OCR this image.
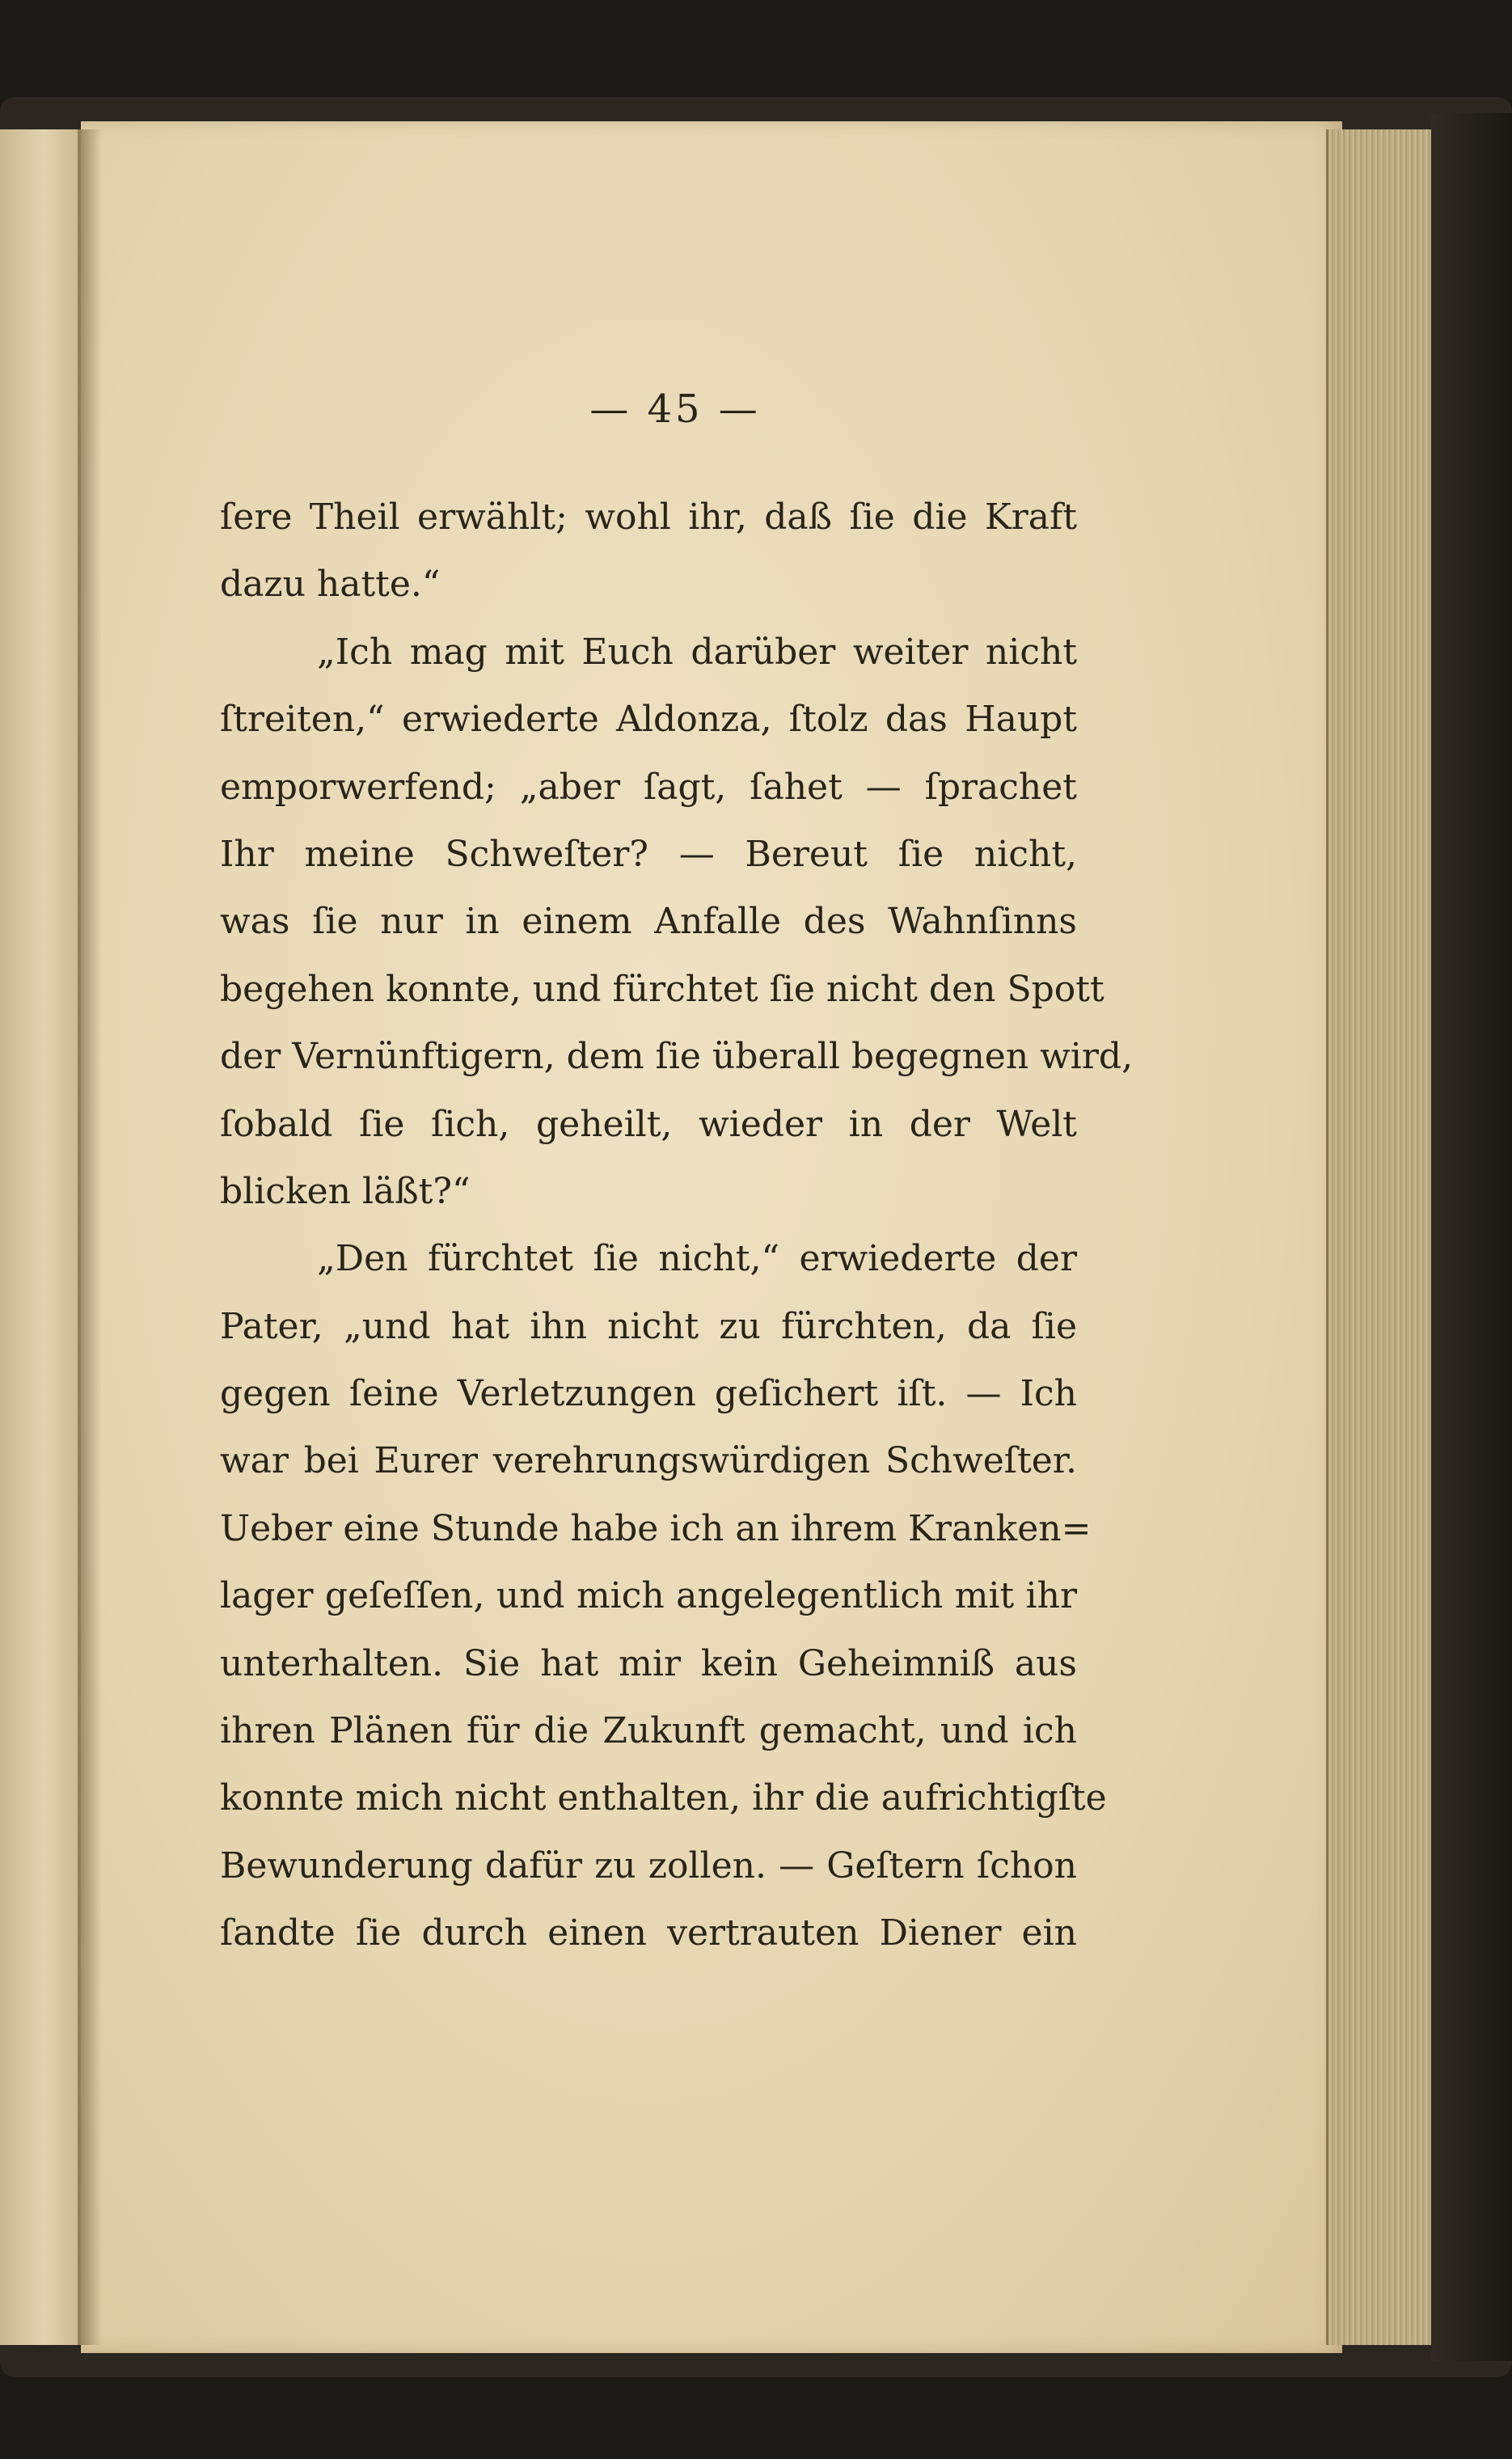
— 45 —
ſere Theil erwählt; wohl ihr, daß ſie die Kraft
dazu hatte.“
„Ich mag mit Euch darüber weiter nicht
ſtreiten,“ erwiederte Aldonza, ſtolz das Haupt
emporwerfend; „aber ſagt, ſahet — ſprachet
Ihr meine Schweſter? — Bereut ſie nicht,
was ſie nur in einem Anfalle des Wahnſinns
begehen konnte, und fürchtet ſie nicht den Spott
der Vernünftigern, dem ſie überall begegnen wird,
ſobald ſie ſich, geheilt, wieder in der Welt
blicken läßt?“
„Den fürchtet ſie nicht,“ erwiederte der
Pater, „und hat ihn nicht zu fürchten, da ſie
gegen ſeine Verletzungen geſichert iſt. — Ich
war bei Eurer verehrungswürdigen Schweſter.
Ueber eine Stunde habe ich an ihrem Kranken=
lager geſeſſen, und mich angelegentlich mit ihr
unterhalten. Sie hat mir kein Geheimniß aus
ihren Plänen für die Zukunft gemacht, und ich
konnte mich nicht enthalten, ihr die aufrichtigſte
Bewunderung dafür zu zollen. — Geſtern ſchon
ſandte ſie durch einen vertrauten Diener ein
